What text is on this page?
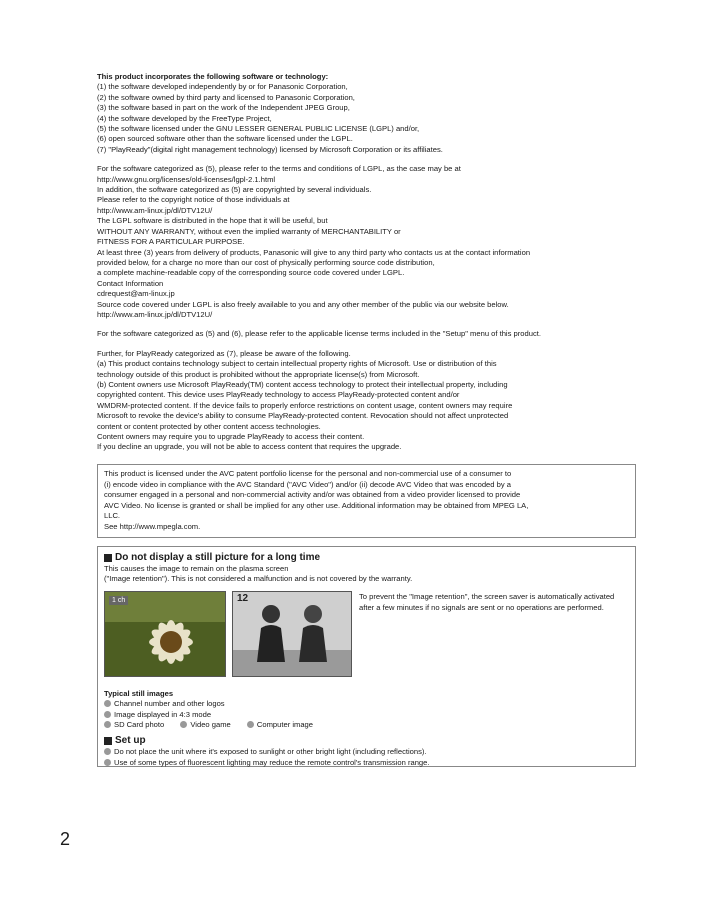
This product incorporates the following software or technology:
(1) the software developed independently by or for Panasonic Corporation,
(2) the software owned by third party and licensed to Panasonic Corporation,
(3) the software based in part on the work of the Independent JPEG Group,
(4) the software developed by the FreeType Project,
(5) the software licensed under the GNU LESSER GENERAL PUBLIC LICENSE (LGPL) and/or,
(6) open sourced software other than the software licensed under the LGPL.
(7) "PlayReady"(digital right management technology) licensed by Microsoft Corporation or its affiliates.
For the software categorized as (5), please refer to the terms and conditions of LGPL, as the case may be at
http://www.gnu.org/licenses/old-licenses/lgpl-2.1.html
In addition, the software categorized as (5) are copyrighted by several individuals.
Please refer to the copyright notice of those individuals at
http://www.am-linux.jp/dl/DTV12U/
The LGPL software is distributed in the hope that it will be useful, but
WITHOUT ANY WARRANTY, without even the implied warranty of MERCHANTABILITY or
FITNESS FOR A PARTICULAR PURPOSE.
At least three (3) years from delivery of products, Panasonic will give to any third party who contacts us at the contact information
provided below, for a charge no more than our cost of physically performing source code distribution,
a complete machine-readable copy of the corresponding source code covered under LGPL.
Contact Information
cdrequest@am-linux.jp
Source code covered under LGPL is also freely available to you and any other member of the public via our website below.
http://www.am-linux.jp/dl/DTV12U/
For the software categorized as (5) and (6), please refer to the applicable license terms included in the "Setup" menu of this product.
Further, for PlayReady categorized as (7), please be aware of the following.
(a) This product contains technology subject to certain intellectual property rights of Microsoft. Use or distribution of this
technology outside of this product is prohibited without the appropriate license(s) from Microsoft.
(b) Content owners use Microsoft PlayReady(TM) content access technology to protect their intellectual property, including
copyrighted content. This device uses PlayReady technology to access PlayReady-protected content and/or
WMDRM-protected content. If the device fails to properly enforce restrictions on content usage, content owners may require
Microsoft to revoke the device's ability to consume PlayReady-protected content. Revocation should not affect unprotected
content or content protected by other content access technologies.
Content owners may require you to upgrade PlayReady to access their content.
If you decline an upgrade, you will not be able to access content that requires the upgrade.
This product is licensed under the AVC patent portfolio license for the personal and non-commercial use of a consumer to
(i) encode video in compliance with the AVC Standard ("AVC Video") and/or (ii) decode AVC Video that was encoded by a
consumer engaged in a personal and non-commercial activity and/or was obtained from a video provider licensed to provide
AVC Video. No license is granted or shall be implied for any other use. Additional information may be obtained from MPEG LA,
LLC.
See http://www.mpegla.com.
Do not display a still picture for a long time
This causes the image to remain on the plasma screen
("Image retention"). This is not considered a malfunction and is not covered by the warranty.
1 ch	12	To prevent the "Image retention", the screen saver is automatically activated after a few minutes if no signals are sent or no operations are performed.
Typical still images
Channel number and other logos
Image displayed in 4:3 mode
SD Card photo	Video game	Computer image
Set up
Do not place the unit where it's exposed to sunlight or other bright light (including reflections).
Use of some types of fluorescent lighting may reduce the remote control's transmission range.
2
